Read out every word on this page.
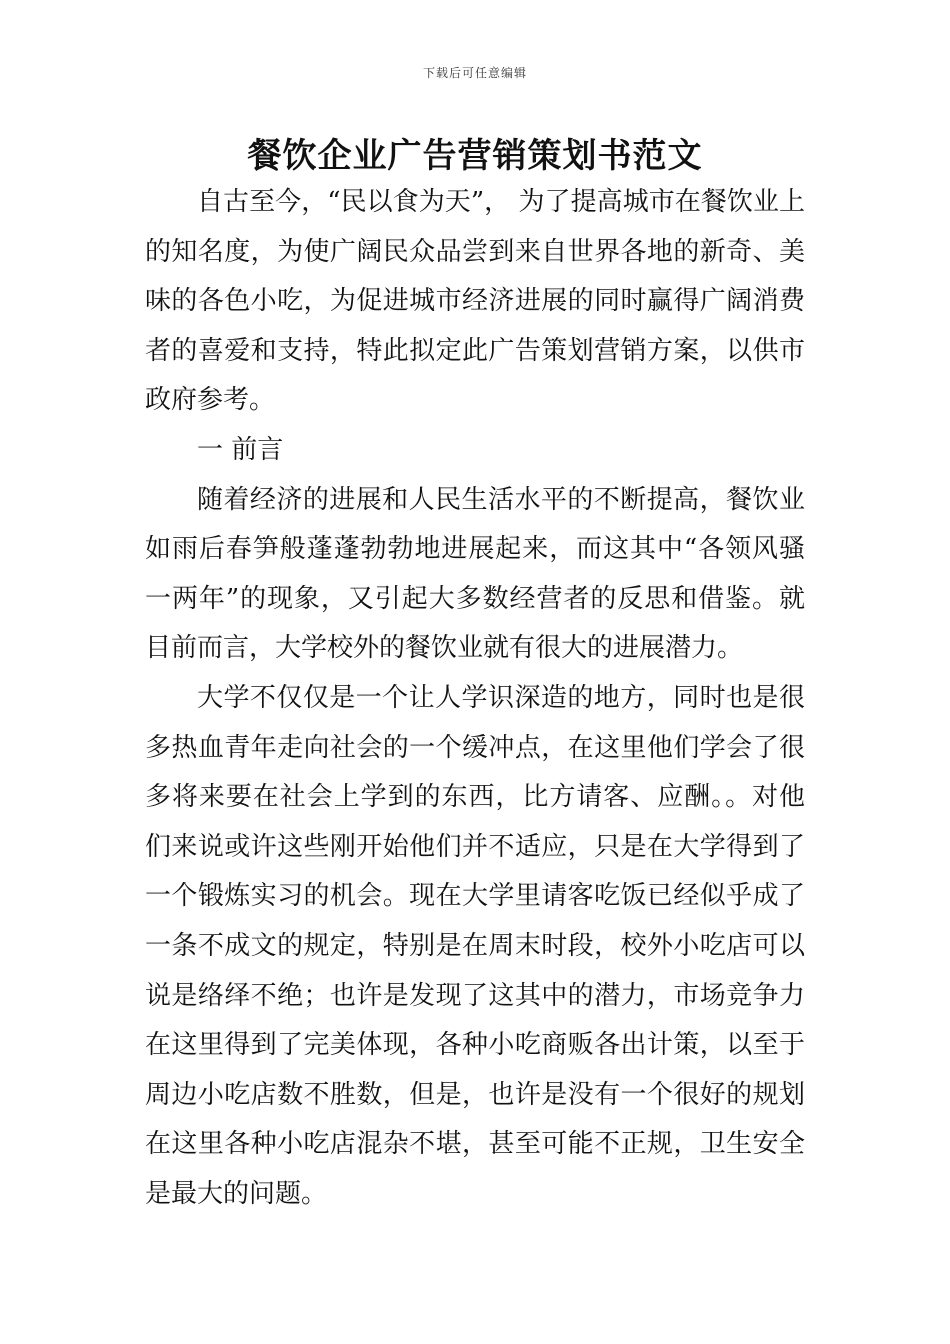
下载后可任意编辑
餐饮企业广告营销策划书范文

自古至今，“民以食为天”， 为了提高城市在餐饮业上的知名度，为使广阔民众品尝到来自世界各地的新奇、美味的各色小吃，为促进城市经济进展的同时赢得广阔消费者的喜爱和支持，特此拟定此广告策划营销方案，以供市政府参考。

一 前言

随着经济的进展和人民生活水平的不断提高，餐饮业如雨后春笋般蓬蓬勃勃地进展起来，而这其中“各领风骚一两年”的现象，又引起大多数经营者的反思和借鉴。就目前而言，大学校外的餐饮业就有很大的进展潜力。

大学不仅仅是一个让人学识深造的地方，同时也是很多热血青年走向社会的一个缓冲点，在这里他们学会了很多将来要在社会上学到的东西，比方请客、应酬。。对他们来说或许这些刚开始他们并不适应，只是在大学得到了一个锻炼实习的机会。现在大学里请客吃饭已经似乎成了一条不成文的规定，特别是在周末时段，校外小吃店可以说是络绎不绝；也许是发现了这其中的潜力，市场竞争力在这里得到了完美体现，各种小吃商贩各出计策，以至于周边小吃店数不胜数，但是，也许是没有一个很好的规划在这里各种小吃店混杂不堪，甚至可能不正规，卫生安全是最大的问题。
